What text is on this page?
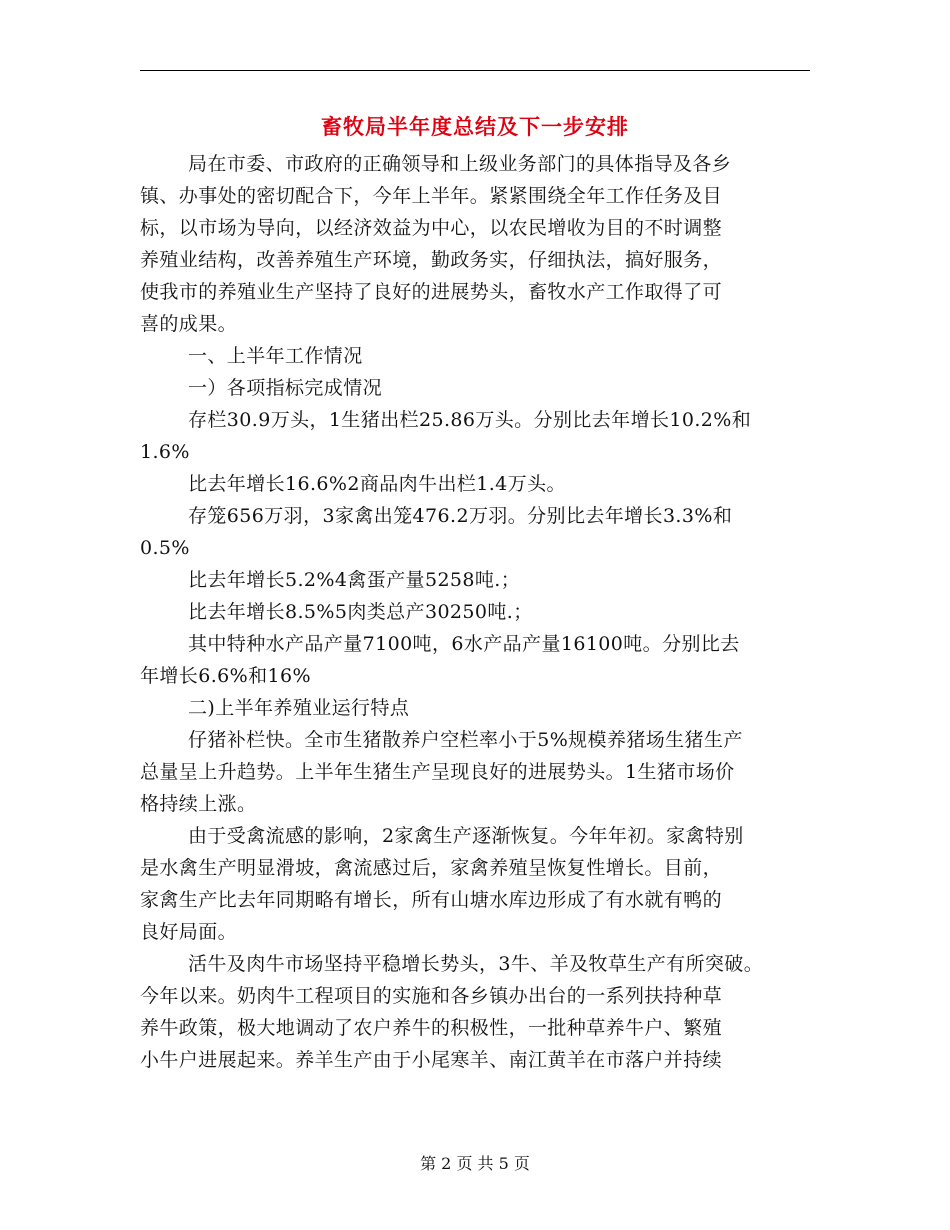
畜牧局半年度总结及下一步安排
局在市委、市政府的正确领导和上级业务部门的具体指导及各乡
镇、办事处的密切配合下，今年上半年。紧紧围绕全年工作任务及目
标，以市场为导向，以经济效益为中心，以农民增收为目的不时调整
养殖业结构，改善养殖生产环境，勤政务实，仔细执法，搞好服务，
使我市的养殖业生产坚持了良好的进展势头，畜牧水产工作取得了可
喜的成果。
一、上半年工作情况
一）各项指标完成情况
存栏30.9万头，1生猪出栏25.86万头。分别比去年增长10.2%和
1.6%
比去年增长16.6%2商品肉牛出栏1.4万头。
存笼656万羽，3家禽出笼476.2万羽。分别比去年增长3.3%和
0.5%
比去年增长5.2%4禽蛋产量5258吨.；
比去年增长8.5%5肉类总产30250吨.；
其中特种水产品产量7100吨，6水产品产量16100吨。分别比去
年增长6.6%和16%
二)上半年养殖业运行特点
仔猪补栏快。全市生猪散养户空栏率小于5%规模养猪场生猪生产
总量呈上升趋势。上半年生猪生产呈现良好的进展势头。1生猪市场价
格持续上涨。
由于受禽流感的影响，2家禽生产逐渐恢复。今年年初。家禽特别
是水禽生产明显滑坡，禽流感过后，家禽养殖呈恢复性增长。目前，
家禽生产比去年同期略有增长，所有山塘水库边形成了有水就有鸭的
良好局面。
活牛及肉牛市场坚持平稳增长势头，3牛、羊及牧草生产有所突破。
今年以来。奶肉牛工程项目的实施和各乡镇办出台的一系列扶持种草
养牛政策，极大地调动了农户养牛的积极性，一批种草养牛户、繁殖
小牛户进展起来。养羊生产由于小尾寒羊、南江黄羊在市落户并持续
第 2 页 共 5 页
